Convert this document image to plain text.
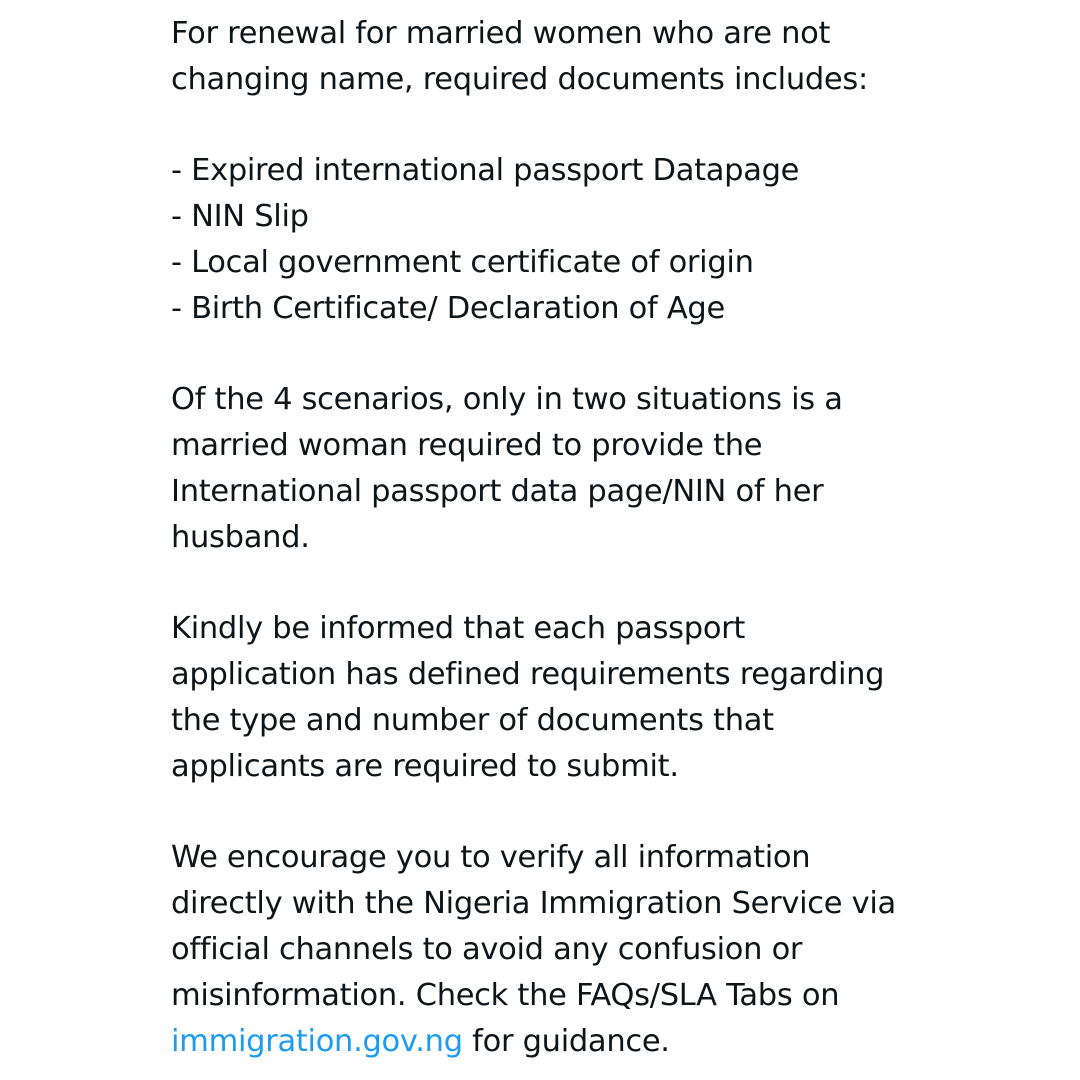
For renewal for married women who are not
changing name, required documents includes:

- Expired international passport Datapage
- NIN Slip
- Local government certificate of origin
- Birth Certificate/ Declaration of Age

Of the 4 scenarios, only in two situations is a
married woman required to provide the
International passport data page/NIN of her
husband.

Kindly be informed that each passport
application has defined requirements regarding
the type and number of documents that
applicants are required to submit.

We encourage you to verify all information
directly with the Nigeria Immigration Service via
official channels to avoid any confusion or
misinformation. Check the FAQs/SLA Tabs on
immigration.gov.ng for guidance.
